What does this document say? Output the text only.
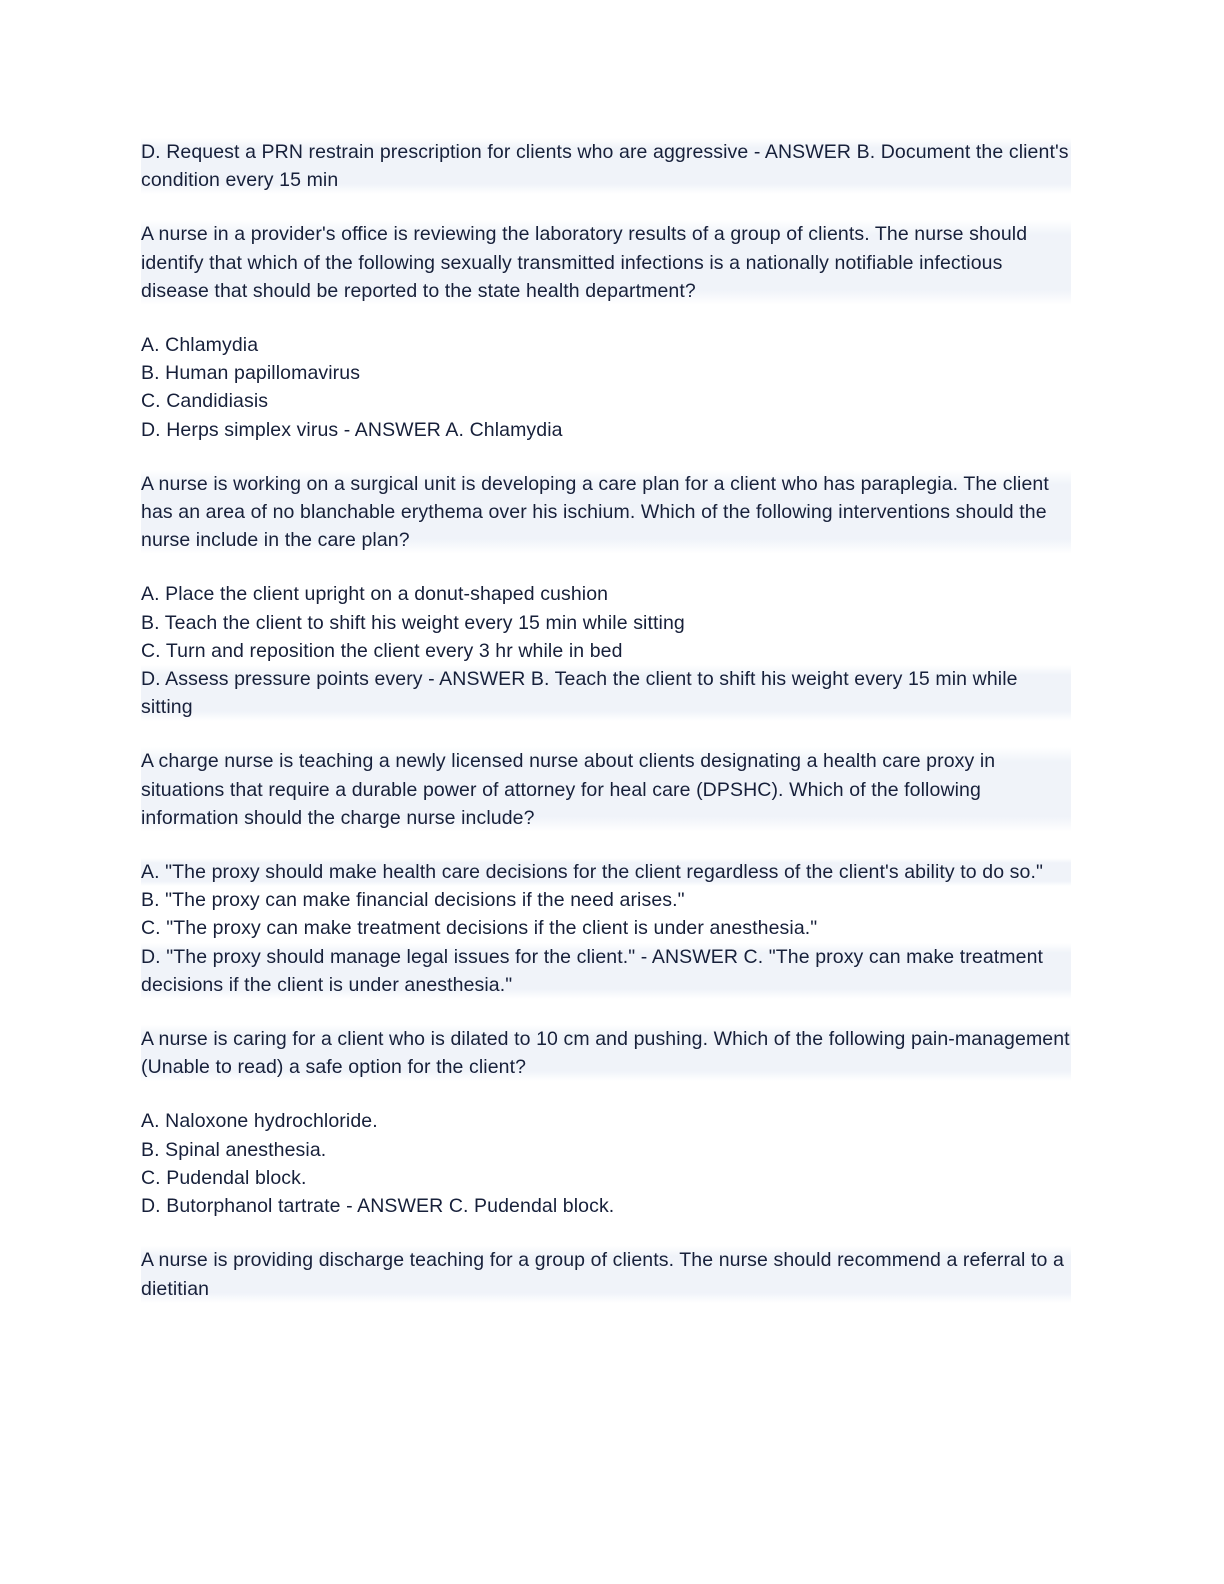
D. Request a PRN restrain prescription for clients who are aggressive - ANSWER B. Document the client's condition every 15 min
A nurse in a provider's office is reviewing the laboratory results of a group of clients. The nurse should identify that which of the following sexually transmitted infections is a nationally notifiable infectious disease that should be reported to the state health department?
A. Chlamydia
B. Human papillomavirus
C. Candidiasis
D. Herps simplex virus - ANSWER A. Chlamydia
A nurse is working on a surgical unit is developing a care plan for a client who has paraplegia. The client has an area of no blanchable erythema over his ischium. Which of the following interventions should the nurse include in the care plan?
A. Place the client upright on a donut-shaped cushion
B. Teach the client to shift his weight every 15 min while sitting
C. Turn and reposition the client every 3 hr while in bed
D. Assess pressure points every - ANSWER B. Teach the client to shift his weight every 15 min while sitting
A charge nurse is teaching a newly licensed nurse about clients designating a health care proxy in situations that require a durable power of attorney for heal care (DPSHC). Which of the following information should the charge nurse include?
A. "The proxy should make health care decisions for the client regardless of the client's ability to do so."
B. "The proxy can make financial decisions if the need arises."
C. "The proxy can make treatment decisions if the client is under anesthesia."
D. "The proxy should manage legal issues for the client." - ANSWER C. "The proxy can make treatment decisions if the client is under anesthesia."
A nurse is caring for a client who is dilated to 10 cm and pushing. Which of the following pain-management (Unable to read) a safe option for the client?
A. Naloxone hydrochloride.
B. Spinal anesthesia.
C. Pudendal block.
D. Butorphanol tartrate - ANSWER C. Pudendal block.
A nurse is providing discharge teaching for a group of clients. The nurse should recommend a referral to a dietitian
